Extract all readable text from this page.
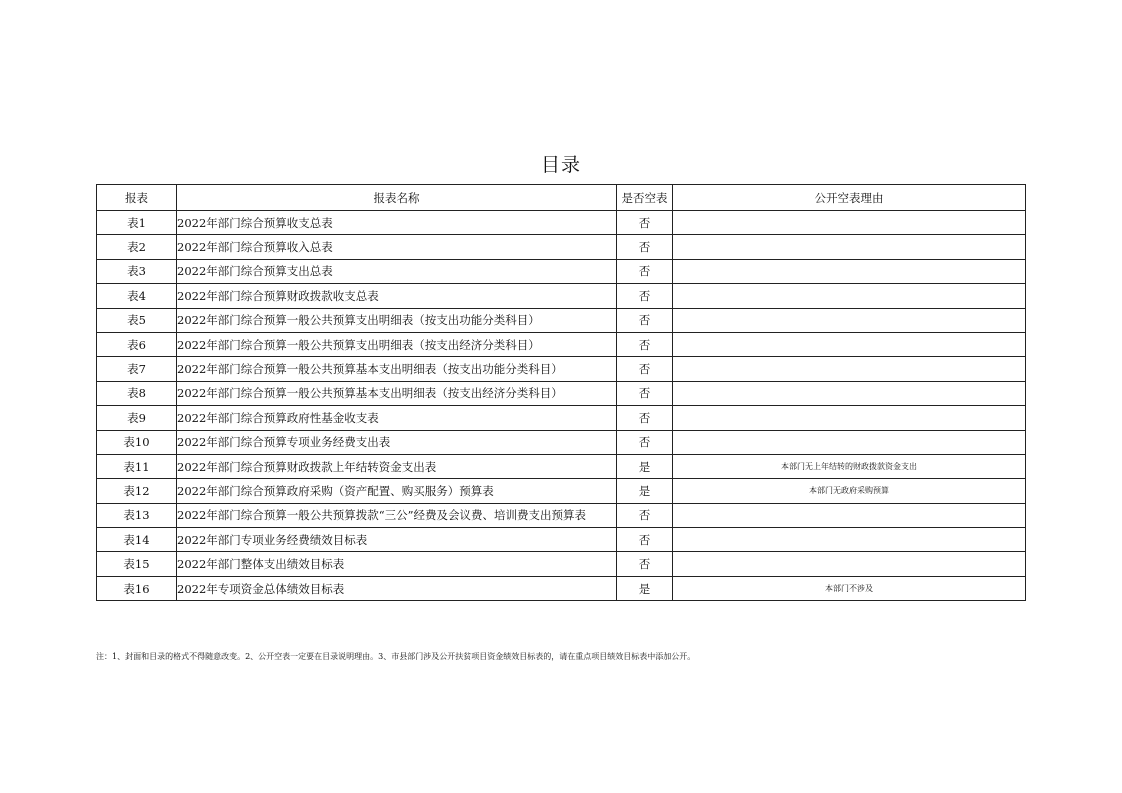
目录
报表	报表名称	是否空表	公开空表理由
表1	2022年部门综合预算收支总表	否	
表2	2022年部门综合预算收入总表	否	
表3	2022年部门综合预算支出总表	否	
表4	2022年部门综合预算财政拨款收支总表	否	
表5	2022年部门综合预算一般公共预算支出明细表（按支出功能分类科目）	否	
表6	2022年部门综合预算一般公共预算支出明细表（按支出经济分类科目）	否	
表7	2022年部门综合预算一般公共预算基本支出明细表（按支出功能分类科目）	否	
表8	2022年部门综合预算一般公共预算基本支出明细表（按支出经济分类科目）	否	
表9	2022年部门综合预算政府性基金收支表	否	
表10	2022年部门综合预算专项业务经费支出表	否	
表11	2022年部门综合预算财政拨款上年结转资金支出表	是	本部门无上年结转的财政拨款资金支出
表12	2022年部门综合预算政府采购（资产配置、购买服务）预算表	是	本部门无政府采购预算
表13	2022年部门综合预算一般公共预算拨款“三公”经费及会议费、培训费支出预算表	否	
表14	2022年部门专项业务经费绩效目标表	否	
表15	2022年部门整体支出绩效目标表	否	
表16	2022年专项资金总体绩效目标表	是	本部门不涉及
注：1、封面和目录的格式不得随意改变。2、公开空表一定要在目录说明理由。3、市县部门涉及公开扶贫项目资金绩效目标表的，请在重点项目绩效目标表中添加公开。
